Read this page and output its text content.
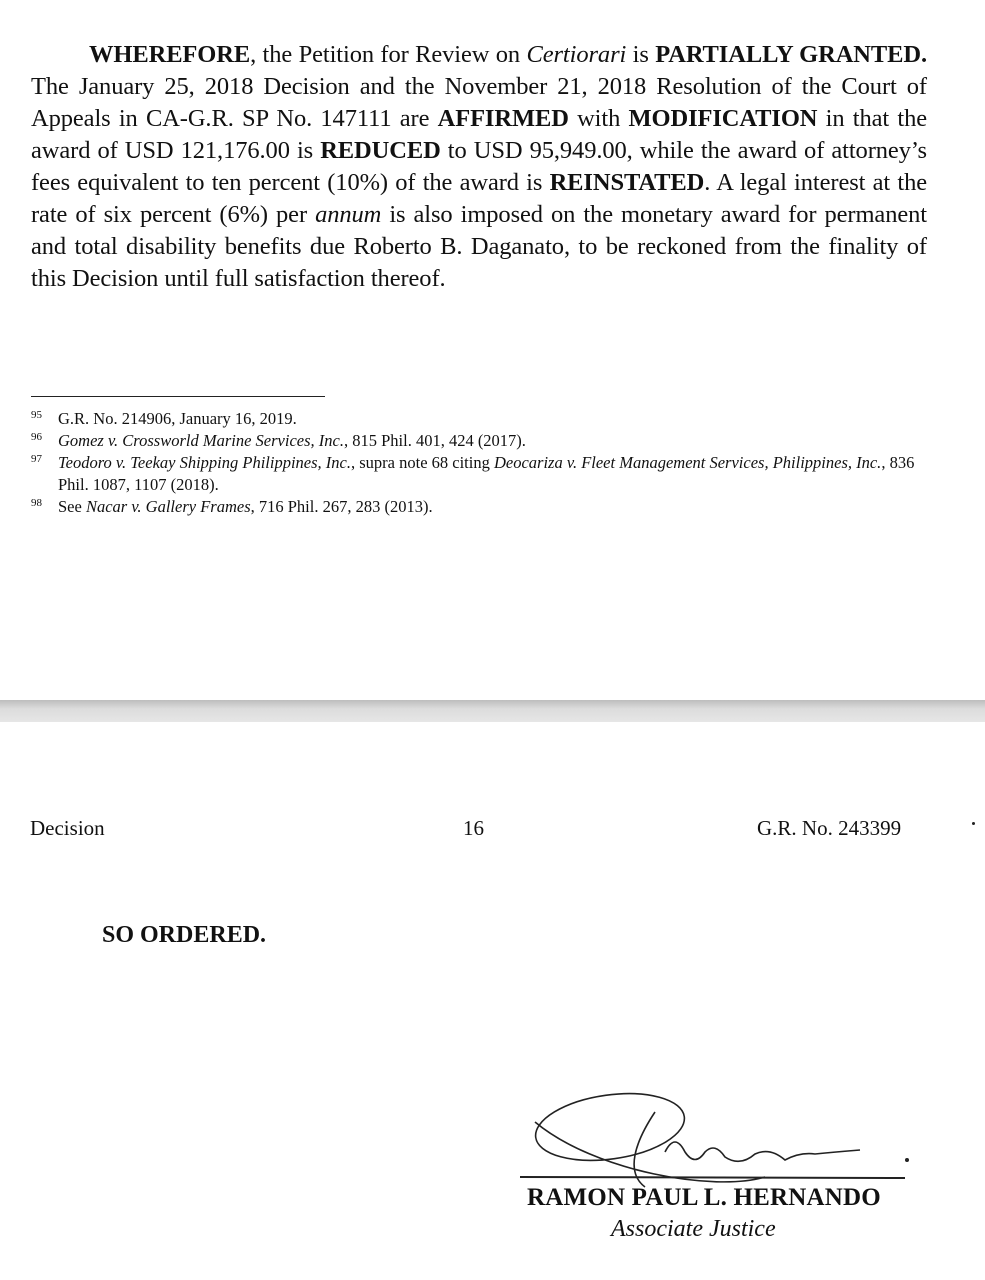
WHEREFORE, the Petition for Review on Certiorari is PARTIALLY GRANTED. The January 25, 2018 Decision and the November 21, 2018 Resolution of the Court of Appeals in CA-G.R. SP No. 147111 are AFFIRMED with MODIFICATION in that the award of USD 121,176.00 is REDUCED to USD 95,949.00, while the award of attorney’s fees equivalent to ten percent (10%) of the award is REINSTATED. A legal interest at the rate of six percent (6%) per annum is also imposed on the monetary award for permanent and total disability benefits due Roberto B. Daganato, to be reckoned from the finality of this Decision until full satisfaction thereof.

95 G.R. No. 214906, January 16, 2019.
96 Gomez v. Crossworld Marine Services, Inc., 815 Phil. 401, 424 (2017).
97 Teodoro v. Teekay Shipping Philippines, Inc., supra note 68 citing Deocariza v. Fleet Management Services, Philippines, Inc., 836 Phil. 1087, 1107 (2018).
98 See Nacar v. Gallery Frames, 716 Phil. 267, 283 (2013).
Decision	16	G.R. No. 243399
SO ORDERED.
RAMON PAUL L. HERNANDO
Associate Justice
